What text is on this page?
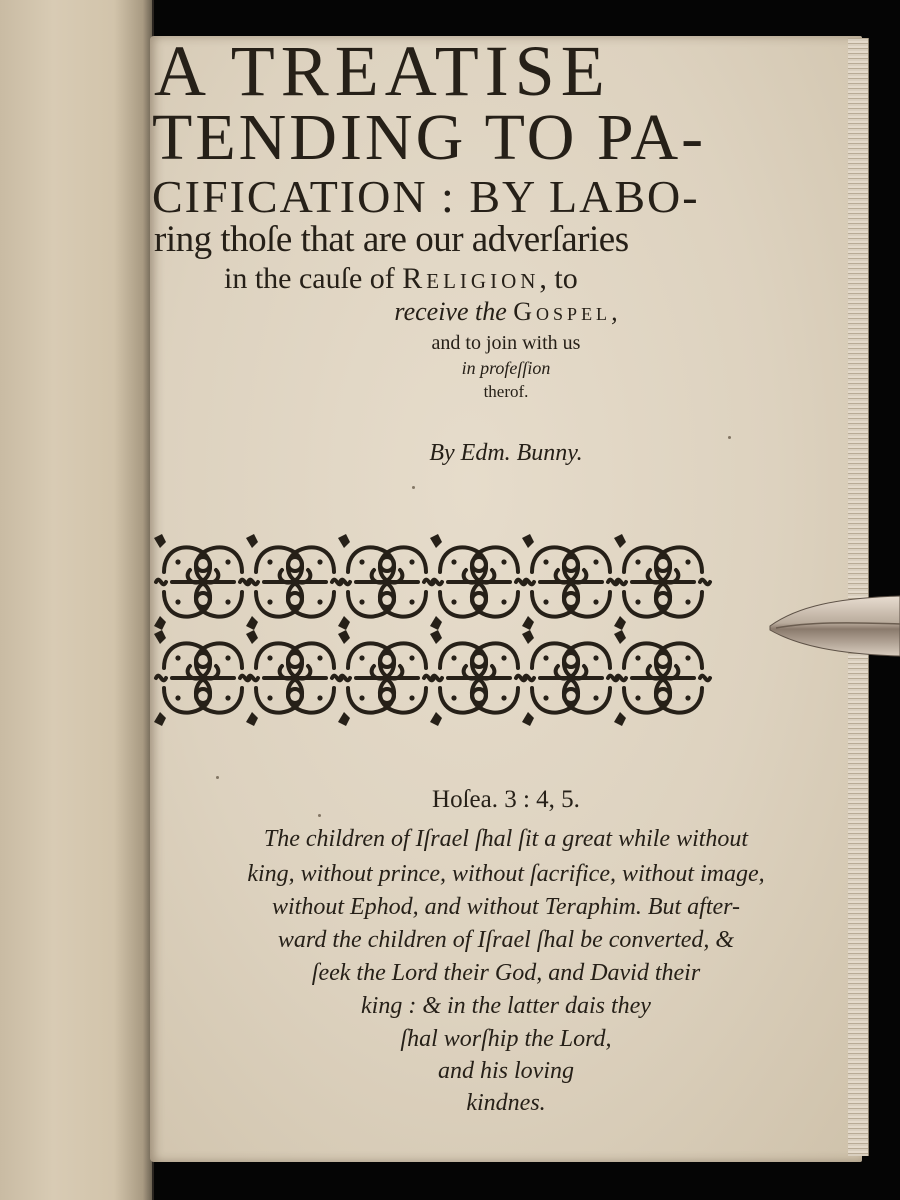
A TREATISE

TENDING TO PA-

CIFICATION : BY LABO-

ring thoſe that are our adverſaries

in the cauſe of Religion, to

receive the Gospel,

and to join with us

in profeſſion

therof.

By Edm. Bunny.

Hoſea. 3 : 4, 5.

The children of Iſrael ſhal ſit a great while without

king, without prince, without ſacrifice, without image,

without Ephod, and without Teraphim. But after-

ward the children of Iſrael ſhal be converted, &

ſeek the Lord their God, and David their

king : & in the latter dais they

ſhal worſhip the Lord,

and his loving

kindnes.
